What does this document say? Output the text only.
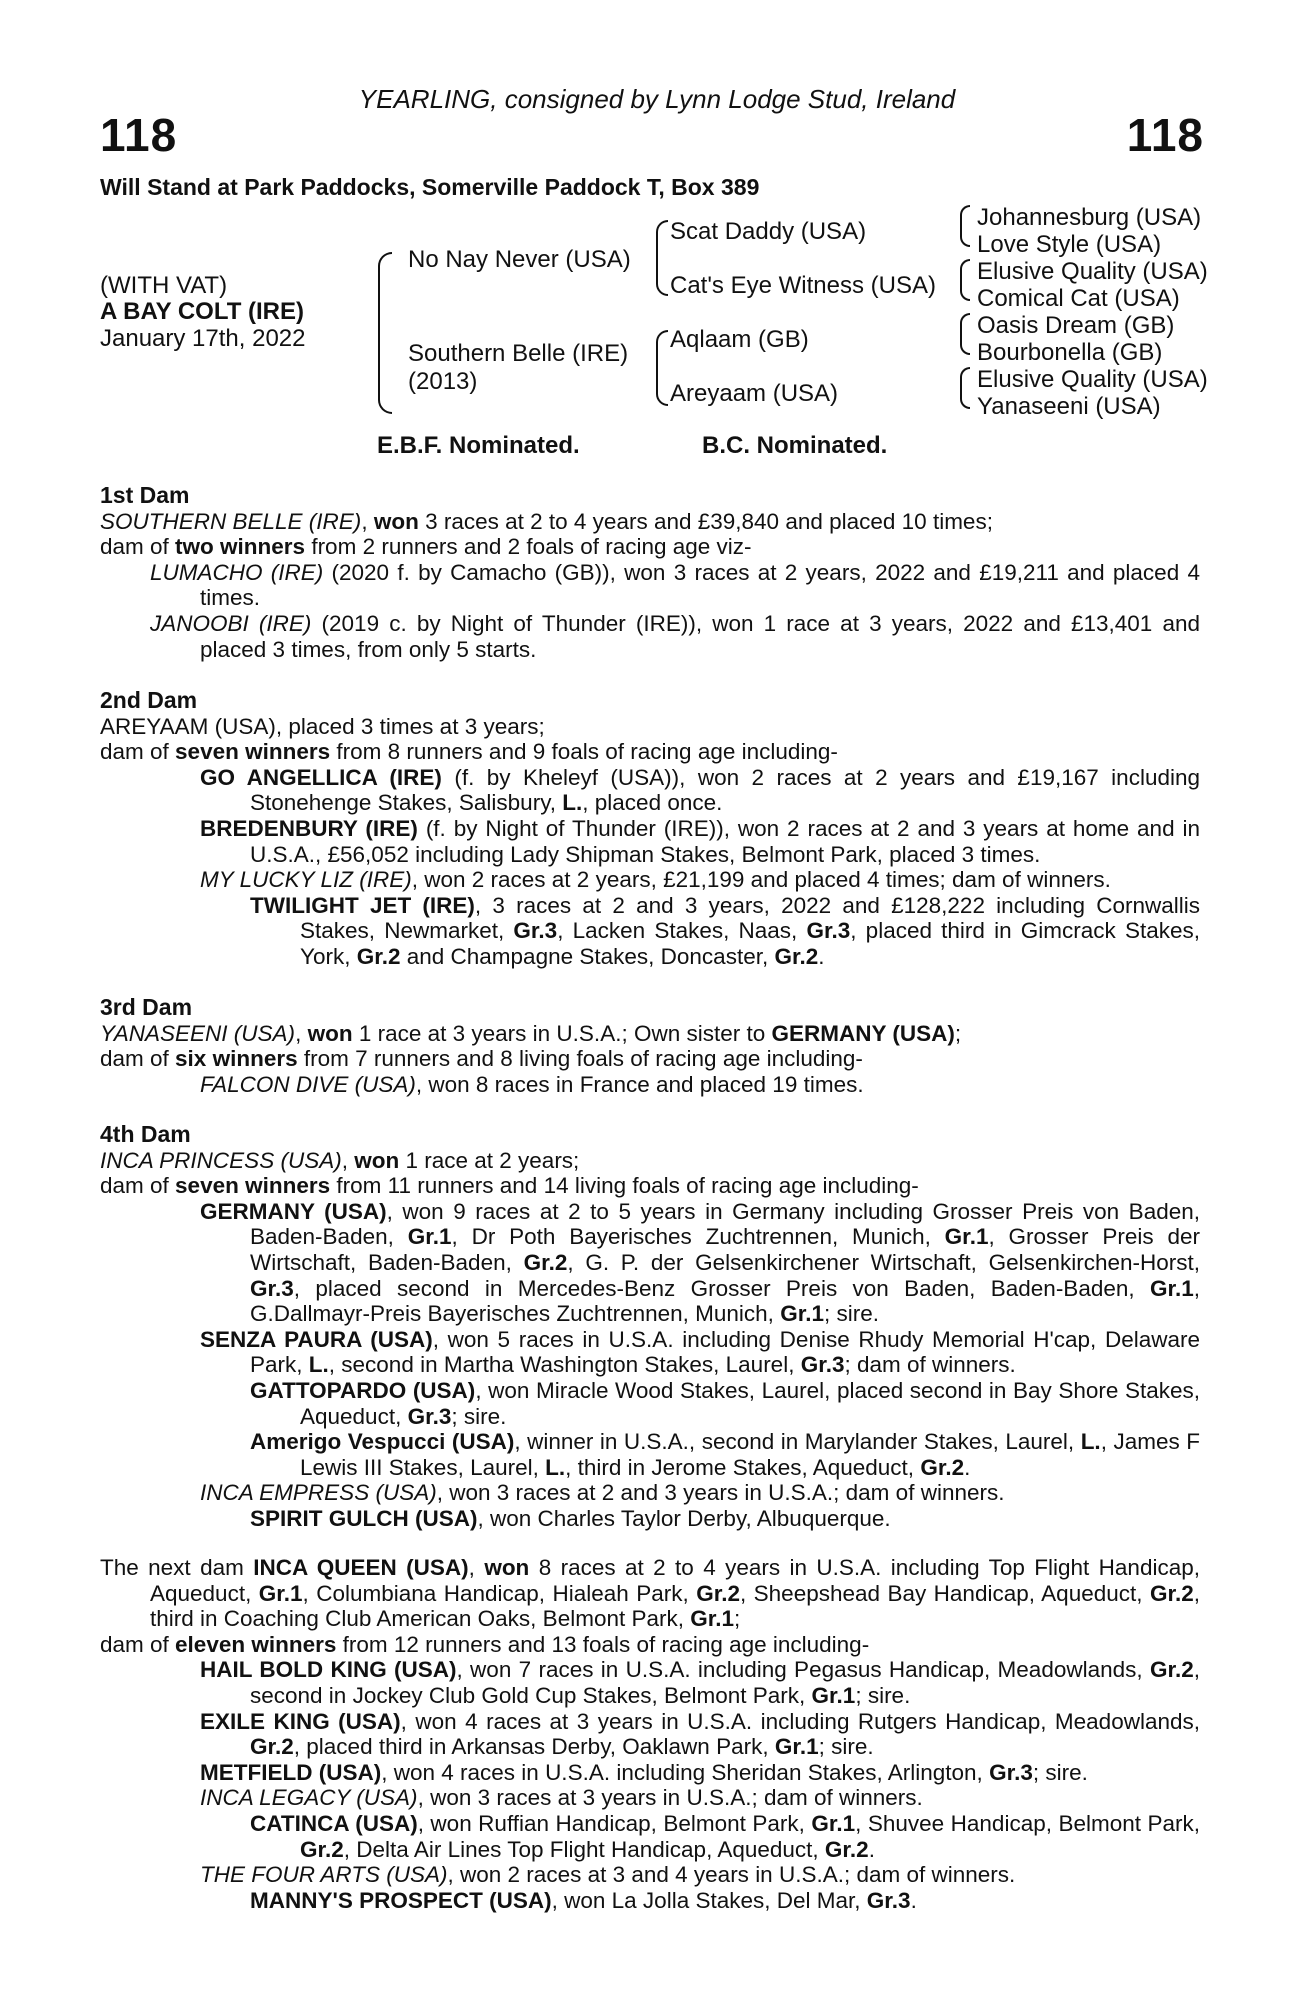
YEARLING, consigned by Lynn Lodge Stud, Ireland
118	118
Will Stand at Park Paddocks, Somerville Paddock T, Box 389
(WITH VAT)
A BAY COLT (IRE)
January 17th, 2022
No Nay Never (USA)
Southern Belle (IRE)
(2013)
Scat Daddy (USA)
Cat's Eye Witness (USA)
Aqlaam (GB)
Areyaam (USA)
Johannesburg (USA)
Love Style (USA)
Elusive Quality (USA)
Comical Cat (USA)
Oasis Dream (GB)
Bourbonella (GB)
Elusive Quality (USA)
Yanaseeni (USA)
E.B.F. Nominated.	B.C. Nominated.
1st Dam
SOUTHERN BELLE (IRE), won 3 races at 2 to 4 years and £39,840 and placed 10 times;
dam of two winners from 2 runners and 2 foals of racing age viz-
LUMACHO (IRE) (2020 f. by Camacho (GB)), won 3 races at 2 years, 2022 and £19,211 and placed 4 times.
JANOOBI (IRE) (2019 c. by Night of Thunder (IRE)), won 1 race at 3 years, 2022 and £13,401 and placed 3 times, from only 5 starts.
2nd Dam
AREYAAM (USA), placed 3 times at 3 years;
dam of seven winners from 8 runners and 9 foals of racing age including-
GO ANGELLICA (IRE) (f. by Kheleyf (USA)), won 2 races at 2 years and £19,167 including Stonehenge Stakes, Salisbury, L., placed once.
BREDENBURY (IRE) (f. by Night of Thunder (IRE)), won 2 races at 2 and 3 years at home and in U.S.A., £56,052 including Lady Shipman Stakes, Belmont Park, placed 3 times.
MY LUCKY LIZ (IRE), won 2 races at 2 years, £21,199 and placed 4 times; dam of winners.
TWILIGHT JET (IRE), 3 races at 2 and 3 years, 2022 and £128,222 including Cornwallis Stakes, Newmarket, Gr.3, Lacken Stakes, Naas, Gr.3, placed third in Gimcrack Stakes, York, Gr.2 and Champagne Stakes, Doncaster, Gr.2.
3rd Dam
YANASEENI (USA), won 1 race at 3 years in U.S.A.; Own sister to GERMANY (USA);
dam of six winners from 7 runners and 8 living foals of racing age including-
FALCON DIVE (USA), won 8 races in France and placed 19 times.
4th Dam
INCA PRINCESS (USA), won 1 race at 2 years;
dam of seven winners from 11 runners and 14 living foals of racing age including-
GERMANY (USA), won 9 races at 2 to 5 years in Germany including Grosser Preis von Baden, Baden-Baden, Gr.1, Dr Poth Bayerisches Zuchtrennen, Munich, Gr.1, Grosser Preis der Wirtschaft, Baden-Baden, Gr.2, G. P. der Gelsenkirchener Wirtschaft, Gelsenkirchen-Horst, Gr.3, placed second in Mercedes-Benz Grosser Preis von Baden, Baden-Baden, Gr.1, G.Dallmayr-Preis Bayerisches Zuchtrennen, Munich, Gr.1; sire.
SENZA PAURA (USA), won 5 races in U.S.A. including Denise Rhudy Memorial H'cap, Delaware Park, L., second in Martha Washington Stakes, Laurel, Gr.3; dam of winners.
GATTOPARDO (USA), won Miracle Wood Stakes, Laurel, placed second in Bay Shore Stakes, Aqueduct, Gr.3; sire.
Amerigo Vespucci (USA), winner in U.S.A., second in Marylander Stakes, Laurel, L., James F Lewis III Stakes, Laurel, L., third in Jerome Stakes, Aqueduct, Gr.2.
INCA EMPRESS (USA), won 3 races at 2 and 3 years in U.S.A.; dam of winners.
SPIRIT GULCH (USA), won Charles Taylor Derby, Albuquerque.
The next dam INCA QUEEN (USA), won 8 races at 2 to 4 years in U.S.A. including Top Flight Handicap, Aqueduct, Gr.1, Columbiana Handicap, Hialeah Park, Gr.2, Sheepshead Bay Handicap, Aqueduct, Gr.2, third in Coaching Club American Oaks, Belmont Park, Gr.1;
dam of eleven winners from 12 runners and 13 foals of racing age including-
HAIL BOLD KING (USA), won 7 races in U.S.A. including Pegasus Handicap, Meadowlands, Gr.2, second in Jockey Club Gold Cup Stakes, Belmont Park, Gr.1; sire.
EXILE KING (USA), won 4 races at 3 years in U.S.A. including Rutgers Handicap, Meadowlands, Gr.2, placed third in Arkansas Derby, Oaklawn Park, Gr.1; sire.
METFIELD (USA), won 4 races in U.S.A. including Sheridan Stakes, Arlington, Gr.3; sire.
INCA LEGACY (USA), won 3 races at 3 years in U.S.A.; dam of winners.
CATINCA (USA), won Ruffian Handicap, Belmont Park, Gr.1, Shuvee Handicap, Belmont Park, Gr.2, Delta Air Lines Top Flight Handicap, Aqueduct, Gr.2.
THE FOUR ARTS (USA), won 2 races at 3 and 4 years in U.S.A.; dam of winners.
MANNY'S PROSPECT (USA), won La Jolla Stakes, Del Mar, Gr.3.
